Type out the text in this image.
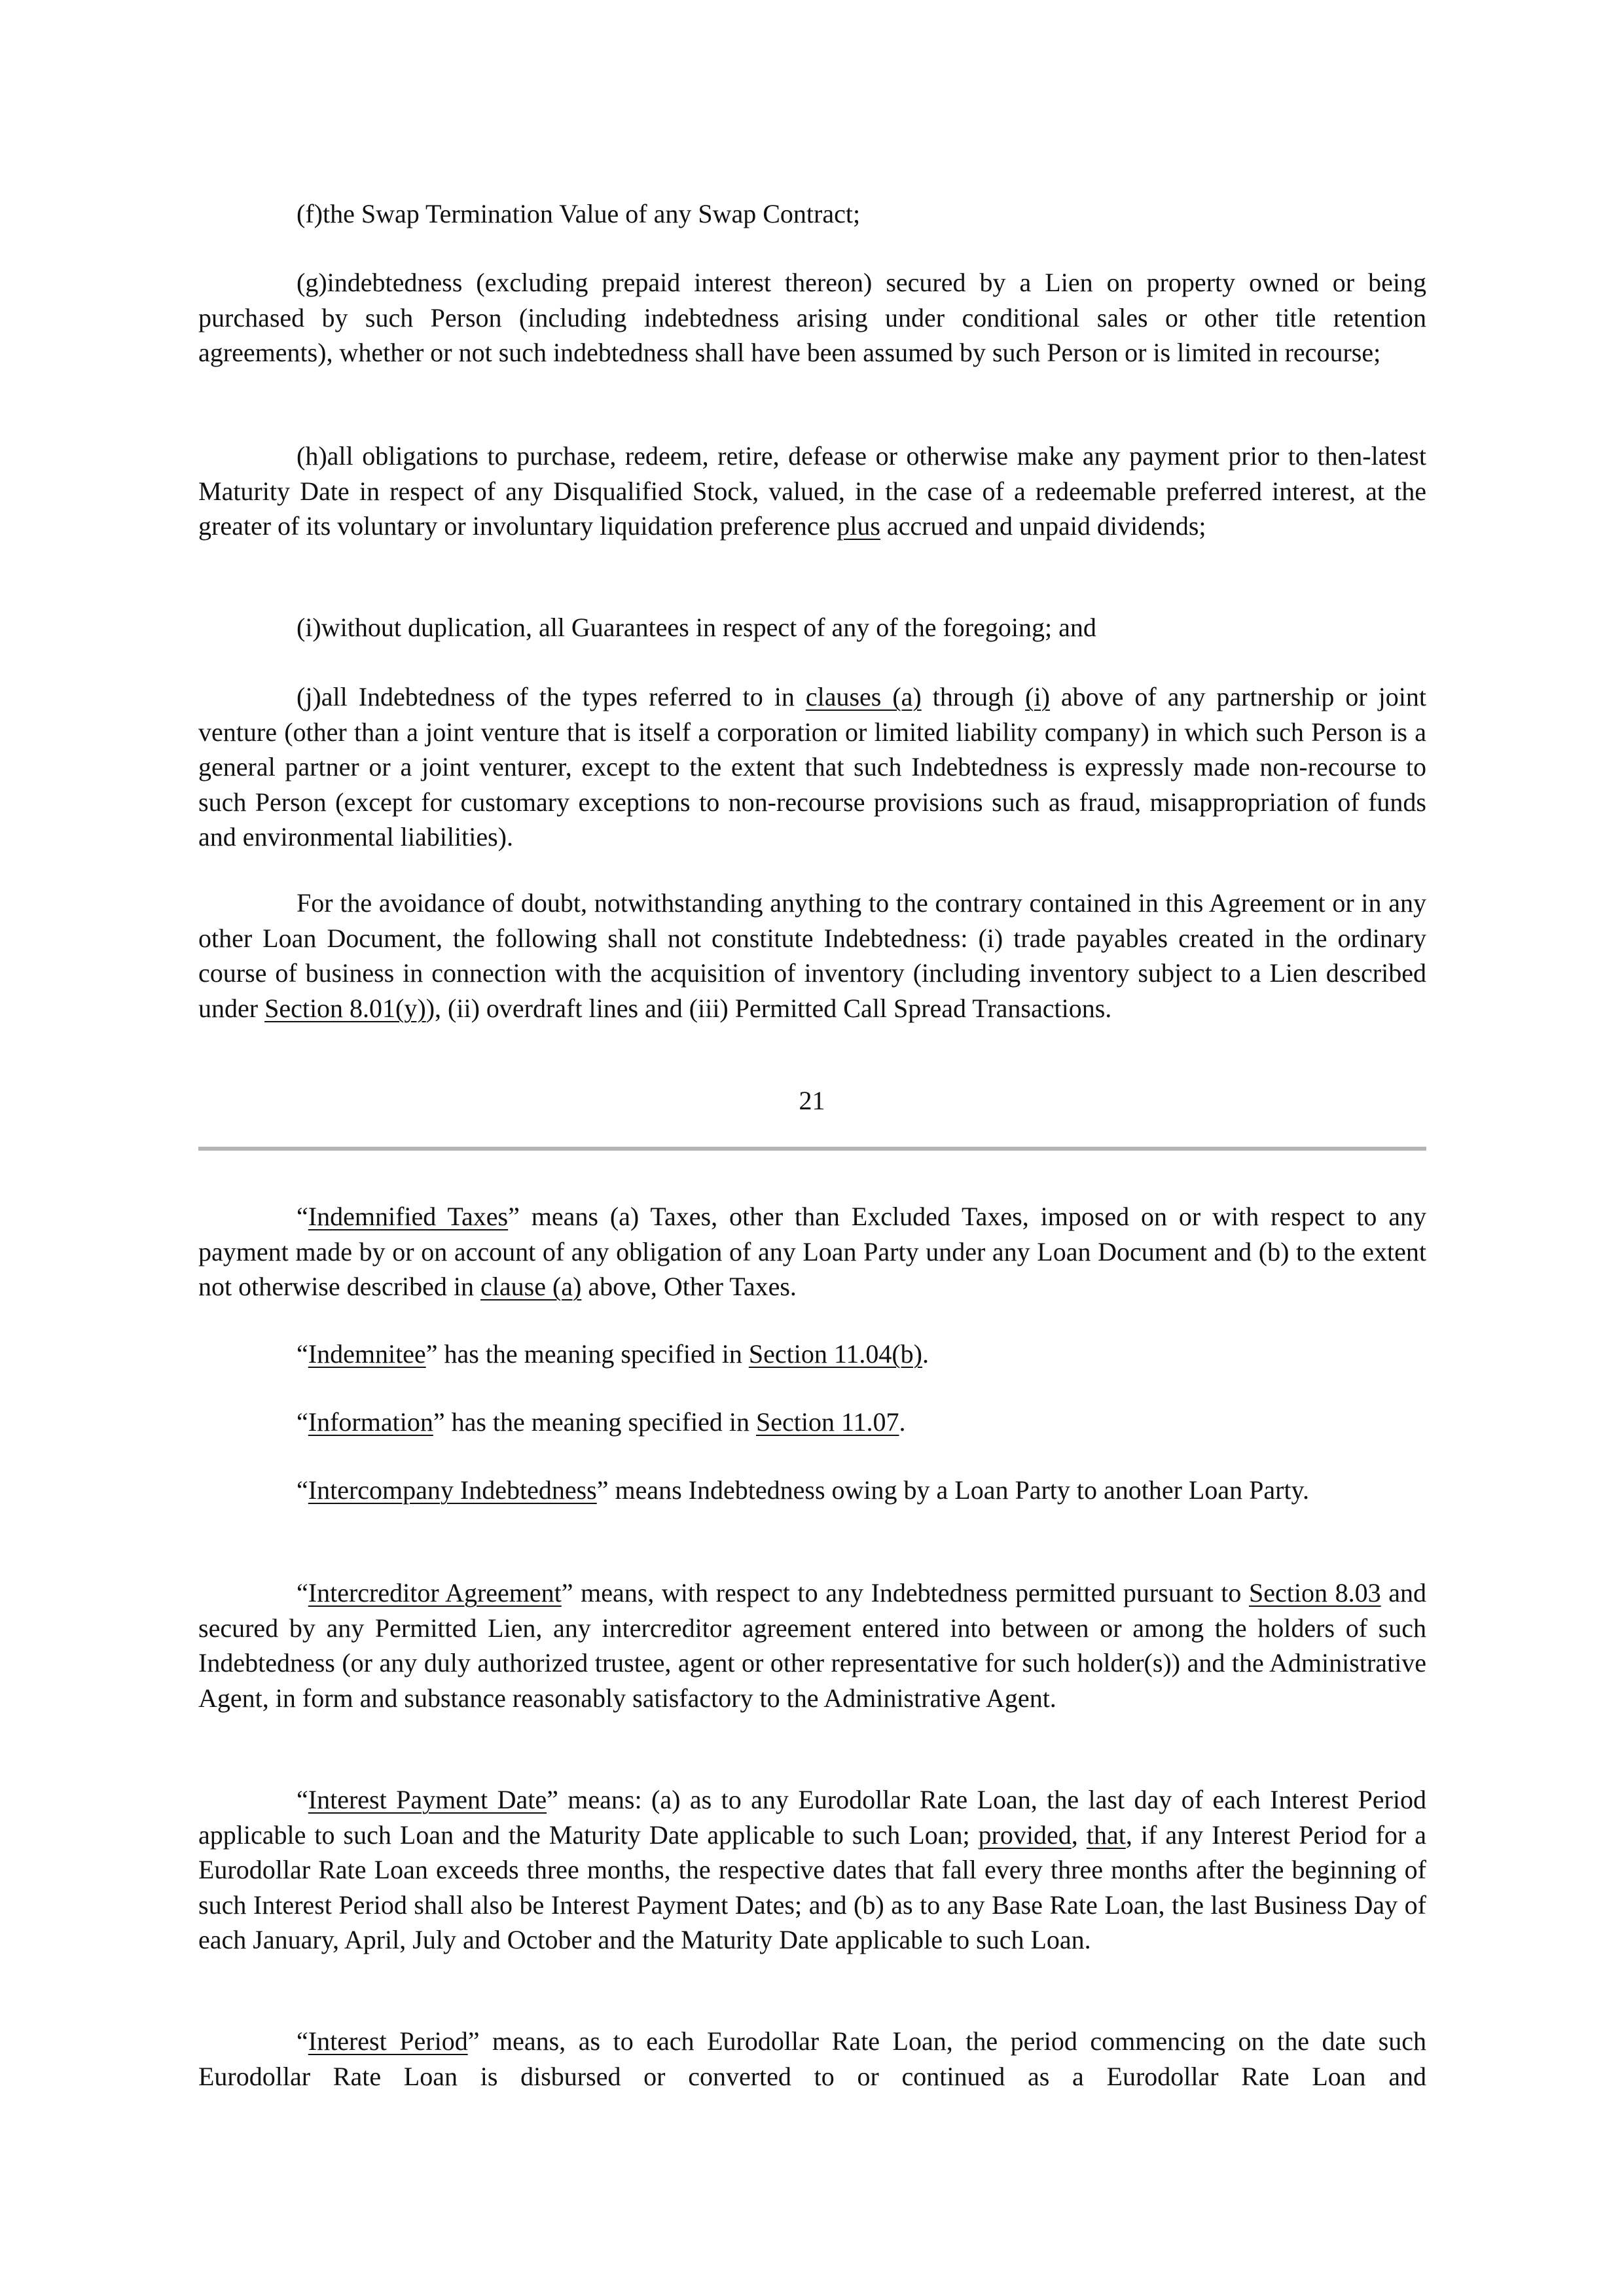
(f)the Swap Termination Value of any Swap Contract;

(g)indebtedness (excluding prepaid interest thereon) secured by a Lien on property owned or being purchased by such Person (including indebtedness arising under conditional sales or other title retention agreements), whether or not such indebtedness shall have been assumed by such Person or is limited in recourse;

(h)all obligations to purchase, redeem, retire, defease or otherwise make any payment prior to then-latest Maturity Date in respect of any Disqualified Stock, valued, in the case of a redeemable preferred interest, at the greater of its voluntary or involuntary liquidation preference plus accrued and unpaid dividends;

(i)without duplication, all Guarantees in respect of any of the foregoing; and

(j)all Indebtedness of the types referred to in clauses (a) through (i) above of any partnership or joint venture (other than a joint venture that is itself a corporation or limited liability company) in which such Person is a general partner or a joint venturer, except to the extent that such Indebtedness is expressly made non-recourse to such Person (except for customary exceptions to non-recourse provisions such as fraud, misappropriation of funds and environmental liabilities).

For the avoidance of doubt, notwithstanding anything to the contrary contained in this Agreement or in any other Loan Document, the following shall not constitute Indebtedness: (i) trade payables created in the ordinary course of business in connection with the acquisition of inventory (including inventory subject to a Lien described under Section 8.01(y)), (ii) overdraft lines and (iii) Permitted Call Spread Transactions.

21

“Indemnified Taxes” means (a) Taxes, other than Excluded Taxes, imposed on or with respect to any payment made by or on account of any obligation of any Loan Party under any Loan Document and (b) to the extent not otherwise described in clause (a) above, Other Taxes.

“Indemnitee” has the meaning specified in Section 11.04(b).

“Information” has the meaning specified in Section 11.07.

“Intercompany Indebtedness” means Indebtedness owing by a Loan Party to another Loan Party.

“Intercreditor Agreement” means, with respect to any Indebtedness permitted pursuant to Section 8.03 and secured by any Permitted Lien, any intercreditor agreement entered into between or among the holders of such Indebtedness (or any duly authorized trustee, agent or other representative for such holder(s)) and the Administrative Agent, in form and substance reasonably satisfactory to the Administrative Agent.

“Interest Payment Date” means: (a) as to any Eurodollar Rate Loan, the last day of each Interest Period applicable to such Loan and the Maturity Date applicable to such Loan; provided, that, if any Interest Period for a Eurodollar Rate Loan exceeds three months, the respective dates that fall every three months after the beginning of such Interest Period shall also be Interest Payment Dates; and (b) as to any Base Rate Loan, the last Business Day of each January, April, July and October and the Maturity Date applicable to such Loan.

“Interest Period” means, as to each Eurodollar Rate Loan, the period commencing on the date such Eurodollar Rate Loan is disbursed or converted to or continued as a Eurodollar Rate Loan and
